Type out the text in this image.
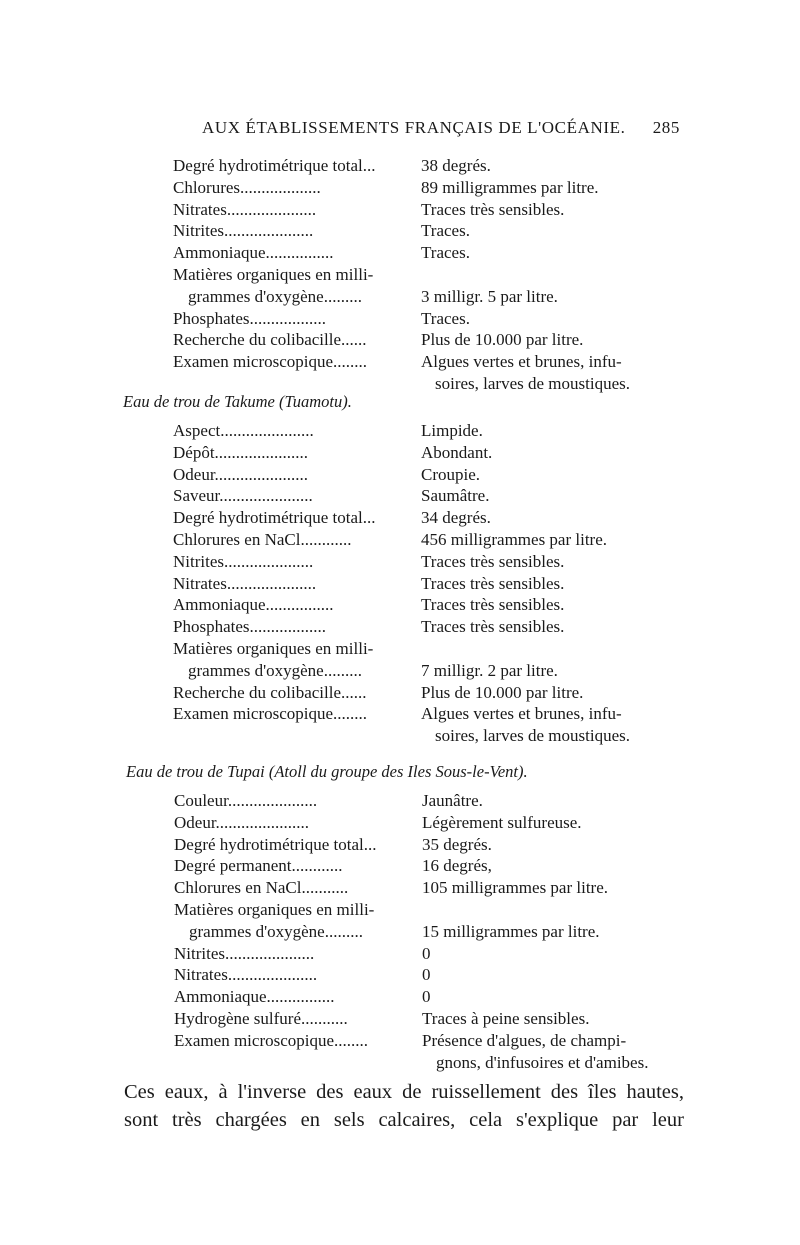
AUX ÉTABLISSEMENTS FRANÇAIS DE L'OCÉANIE. 285
Degré hydrotimétrique total...	38 degrés.
Chlorures...................	89 milligrammes par litre.
Nitrates.....................	Traces très sensibles.
Nitrites.....................	Traces.
Ammoniaque................	Traces.
Matières organiques en milli-
grammes d'oxygène.........	3 milligr. 5 par litre.
Phosphates..................	Traces.
Recherche du colibacille......	Plus de 10.000 par litre.
Examen microscopique........	Algues vertes et brunes, infu-
soires, larves de moustiques.
Eau de trou de Takume (Tuamotu).
Aspect......................	Limpide.
Dépôt......................	Abondant.
Odeur......................	Croupie.
Saveur......................	Saumâtre.
Degré hydrotimétrique total...	34 degrés.
Chlorures en NaCl............	456 milligrammes par litre.
Nitrites.....................	Traces très sensibles.
Nitrates.....................	Traces très sensibles.
Ammoniaque................	Traces très sensibles.
Phosphates..................	Traces très sensibles.
Matières organiques en milli-
grammes d'oxygène.........	7 milligr. 2 par litre.
Recherche du colibacille......	Plus de 10.000 par litre.
Examen microscopique........	Algues vertes et brunes, infu-
soires, larves de moustiques.
Eau de trou de Tupai (Atoll du groupe des Iles Sous-le-Vent).
Couleur.....................	Jaunâtre.
Odeur......................	Légèrement sulfureuse.
Degré hydrotimétrique total...	35 degrés.
Degré permanent............	16 degrés,
Chlorures en NaCl...........	105 milligrammes par litre.
Matières organiques en milli-
grammes d'oxygène.........	15 milligrammes par litre.
Nitrites.....................	0
Nitrates.....................	0
Ammoniaque................	0
Hydrogène sulfuré...........	Traces à peine sensibles.
Examen microscopique........	Présence d'algues, de champi-
gnons, d'infusoires et d'amibes.
Ces eaux, à l'inverse des eaux de ruissellement des îles hautes,
sont très chargées en sels calcaires, cela s'explique par leur
